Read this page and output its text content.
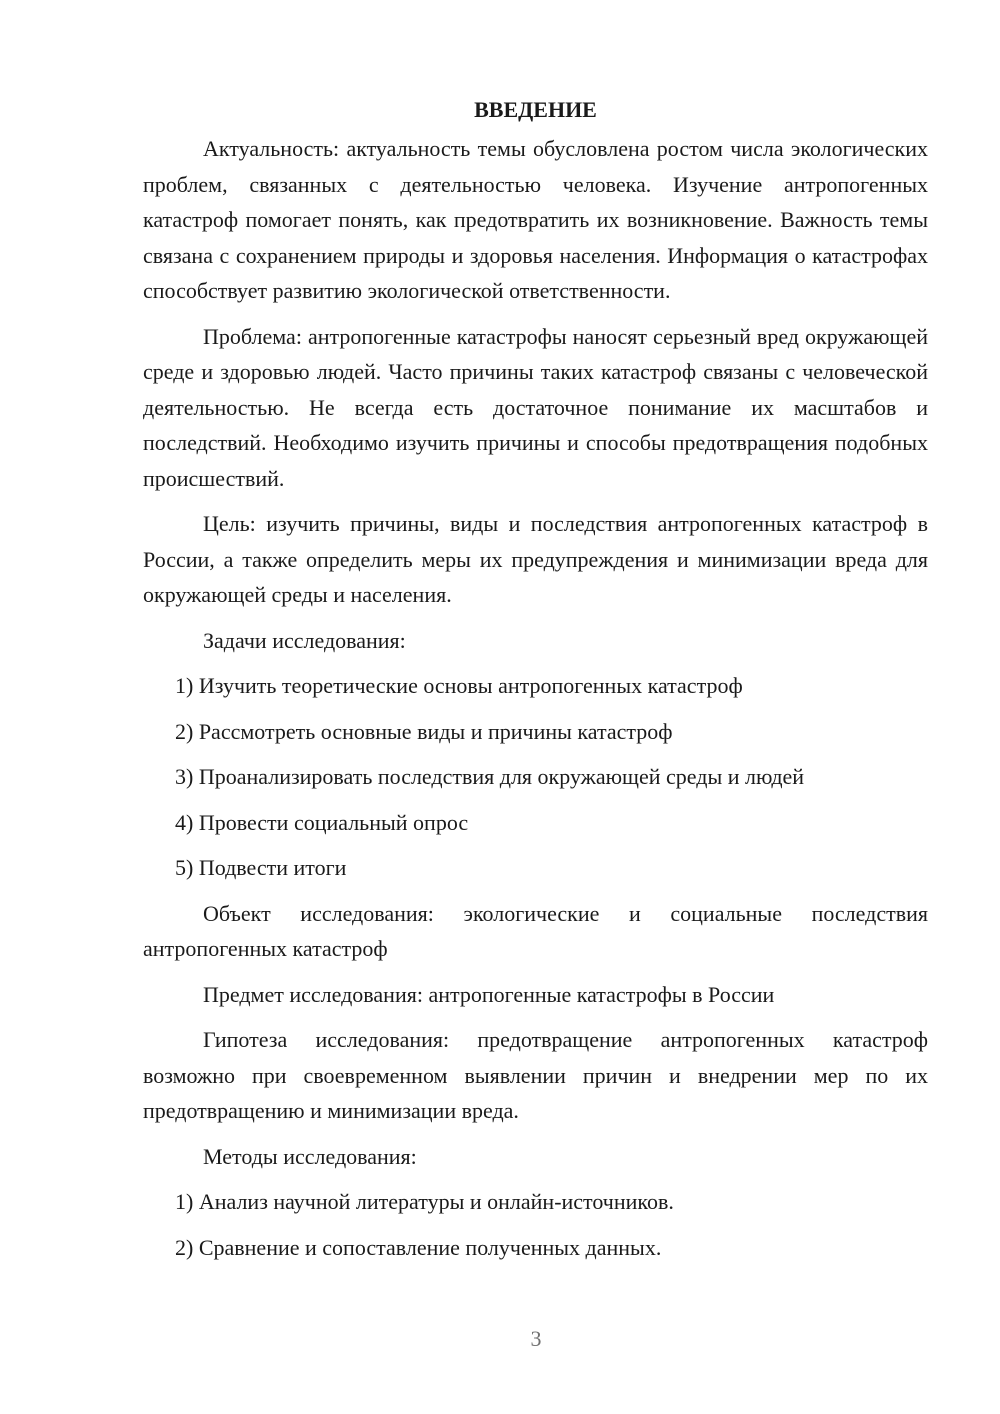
ВВЕДЕНИЕ

Актуальность: актуальность темы обусловлена ростом числа экологических проблем, связанных с деятельностью человека. Изучение антропогенных катастроф помогает понять, как предотвратить их возникновение. Важность темы связана с сохранением природы и здоровья населения. Информация о катастрофах способствует развитию экологической ответственности.

Проблема: антропогенные катастрофы наносят серьезный вред окружающей среде и здоровью людей. Часто причины таких катастроф связаны с человеческой деятельностью. Не всегда есть достаточное понимание их масштабов и последствий. Необходимо изучить причины и способы предотвращения подобных происшествий.

Цель: изучить причины, виды и последствия антропогенных катастроф в России, а также определить меры их предупреждения и минимизации вреда для окружающей среды и населения.

Задачи исследования:

1) Изучить теоретические основы антропогенных катастроф

2) Рассмотреть основные виды и причины катастроф

3) Проанализировать последствия для окружающей среды и людей

4) Провести социальный опрос

5) Подвести итоги

Объект исследования: экологические и социальные последствия антропогенных катастроф

Предмет исследования: антропогенные катастрофы в России

Гипотеза исследования: предотвращение антропогенных катастроф возможно при своевременном выявлении причин и внедрении мер по их предотвращению и минимизации вреда.

Методы исследования:

1) Анализ научной литературы и онлайн-источников.

2) Сравнение и сопоставление полученных данных.

3
